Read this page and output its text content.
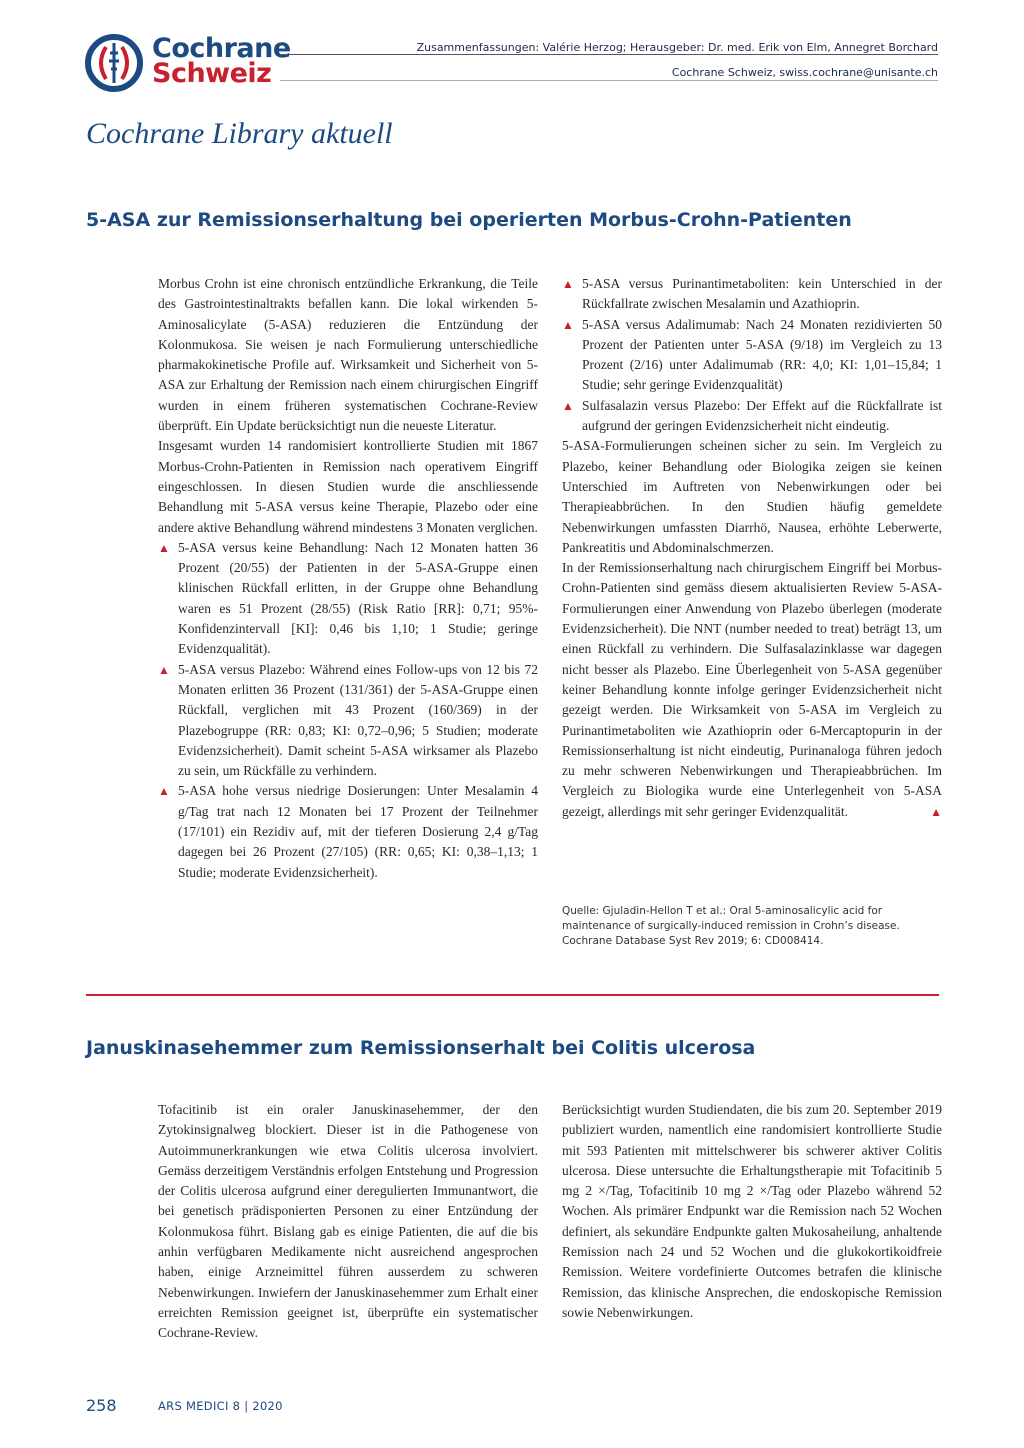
Cochrane
Schweiz
Zusammenfassungen: Valérie Herzog; Herausgeber: Dr. med. Erik von Elm, Annegret Borchard
Cochrane Schweiz, swiss.cochrane@unisante.ch
Cochrane Library aktuell
5-ASA zur Remissionserhaltung bei operierten Morbus-Crohn-Patienten

Morbus Crohn ist eine chronisch entzündliche Erkrankung, die Teile des Gastrointestinaltrakts befallen kann. Die lokal wirkenden 5-Aminosalicylate (5-ASA) reduzieren die Entzündung der Kolonmukosa. Sie weisen je nach Formulierung unterschiedliche pharmakokinetische Profile auf. Wirksamkeit und Sicherheit von 5-ASA zur Erhaltung der Remission nach einem chirurgischen Eingriff wurden in einem früheren systematischen Cochrane-Review überprüft. Ein Update berücksichtigt nun die neueste Literatur.

Insgesamt wurden 14 randomisiert kontrollierte Studien mit 1867 Morbus-Crohn-Patienten in Remission nach operativem Eingriff eingeschlossen. In diesen Studien wurde die anschliessende Behandlung mit 5-ASA versus keine Therapie, Plazebo oder eine andere aktive Behandlung während mindestens 3 Monaten verglichen.

▲ 5-ASA versus keine Behandlung: Nach 12 Monaten hatten 36 Prozent (20/55) der Patienten in der 5-ASA-Gruppe einen klinischen Rückfall erlitten, in der Gruppe ohne Behandlung waren es 51 Prozent (28/55) (Risk Ratio [RR]: 0,71; 95%-Konfidenzintervall [KI]: 0,46 bis 1,10; 1 Studie; geringe Evidenzqualität).

▲ 5-ASA versus Plazebo: Während eines Follow-ups von 12 bis 72 Monaten erlitten 36 Prozent (131/361) der 5-ASA-Gruppe einen Rückfall, verglichen mit 43 Prozent (160/369) in der Plazebogruppe (RR: 0,83; KI: 0,72–0,96; 5 Studien; moderate Evidenzsicherheit). Damit scheint 5-ASA wirksamer als Plazebo zu sein, um Rückfälle zu verhindern.

▲ 5-ASA hohe versus niedrige Dosierungen: Unter Mesalamin 4 g/Tag trat nach 12 Monaten bei 17 Prozent der Teilnehmer (17/101) ein Rezidiv auf, mit der tieferen Dosierung 2,4 g/Tag dagegen bei 26 Prozent (27/105) (RR: 0,65; KI: 0,38–1,13; 1 Studie; moderate Evidenzsicherheit).

▲ 5-ASA versus Purinantimetaboliten: kein Unterschied in der Rückfallrate zwischen Mesalamin und Azathioprin.

▲ 5-ASA versus Adalimumab: Nach 24 Monaten rezidivierten 50 Prozent der Patienten unter 5-ASA (9/18) im Vergleich zu 13 Prozent (2/16) unter Adalimumab (RR: 4,0; KI: 1,01–15,84; 1 Studie; sehr geringe Evidenzqualität)

▲ Sulfasalazin versus Plazebo: Der Effekt auf die Rückfallrate ist aufgrund der geringen Evidenzsicherheit nicht eindeutig.

5-ASA-Formulierungen scheinen sicher zu sein. Im Vergleich zu Plazebo, keiner Behandlung oder Biologika zeigen sie keinen Unterschied im Auftreten von Nebenwirkungen oder bei Therapieabbrüchen. In den Studien häufig gemeldete Nebenwirkungen umfassten Diarrhö, Nausea, erhöhte Leberwerte, Pankreatitis und Abdominalschmerzen.

In der Remissionserhaltung nach chirurgischem Eingriff bei Morbus-Crohn-Patienten sind gemäss diesem aktualisierten Review 5-ASA-Formulierungen einer Anwendung von Plazebo überlegen (moderate Evidenzsicherheit). Die NNT (number needed to treat) beträgt 13, um einen Rückfall zu verhindern. Die Sulfasalazinklasse war dagegen nicht besser als Plazebo. Eine Überlegenheit von 5-ASA gegenüber keiner Behandlung konnte infolge geringer Evidenzsicherheit nicht gezeigt werden. Die Wirksamkeit von 5-ASA im Vergleich zu Purinantimetaboliten wie Azathioprin oder 6-Mercaptopurin in der Remissionserhaltung ist nicht eindeutig, Purinanaloga führen jedoch zu mehr schweren Nebenwirkungen und Therapieabbrüchen. Im Vergleich zu Biologika wurde eine Unterlegenheit von 5-ASA gezeigt, allerdings mit sehr geringer Evidenzqualität.	▲

Quelle: Gjuladin-Hellon T et al.: Oral 5-aminosalicylic acid for maintenance of surgically-induced remission in Crohn’s disease. Cochrane Database Syst Rev 2019; 6: CD008414.
Januskinasehemmer zum Remissionserhalt bei Colitis ulcerosa

Tofacitinib ist ein oraler Januskinasehemmer, der den Zytokinsignalweg blockiert. Dieser ist in die Pathogenese von Autoimmunerkrankungen wie etwa Colitis ulcerosa involviert. Gemäss derzeitigem Verständnis erfolgen Entstehung und Progression der Colitis ulcerosa aufgrund einer deregulierten Immunantwort, die bei genetisch prädisponierten Personen zu einer Entzündung der Kolonmukosa führt. Bislang gab es einige Patienten, die auf die bis anhin verfügbaren Medikamente nicht ausreichend angesprochen haben, einige Arzneimittel führen ausserdem zu schweren Nebenwirkungen. Inwiefern der Januskinasehemmer zum Erhalt einer erreichten Remission geeignet ist, überprüfte ein systematischer Cochrane-Review.

Berücksichtigt wurden Studiendaten, die bis zum 20. September 2019 publiziert wurden, namentlich eine randomisiert kontrollierte Studie mit 593 Patienten mit mittelschwerer bis schwerer aktiver Colitis ulcerosa. Diese untersuchte die Erhaltungstherapie mit Tofacitinib 5 mg 2 ×/Tag, Tofacitinib 10 mg 2 ×/Tag oder Plazebo während 52 Wochen. Als primärer Endpunkt war die Remission nach 52 Wochen definiert, als sekundäre Endpunkte galten Mukosaheilung, anhaltende Remission nach 24 und 52 Wochen und die glukokortikoidfreie Remission. Weitere vordefinierte Outcomes betrafen die klinische Remission, das klinische Ansprechen, die endoskopische Remission sowie Nebenwirkungen.

258	ARS MEDICI 8 | 2020
